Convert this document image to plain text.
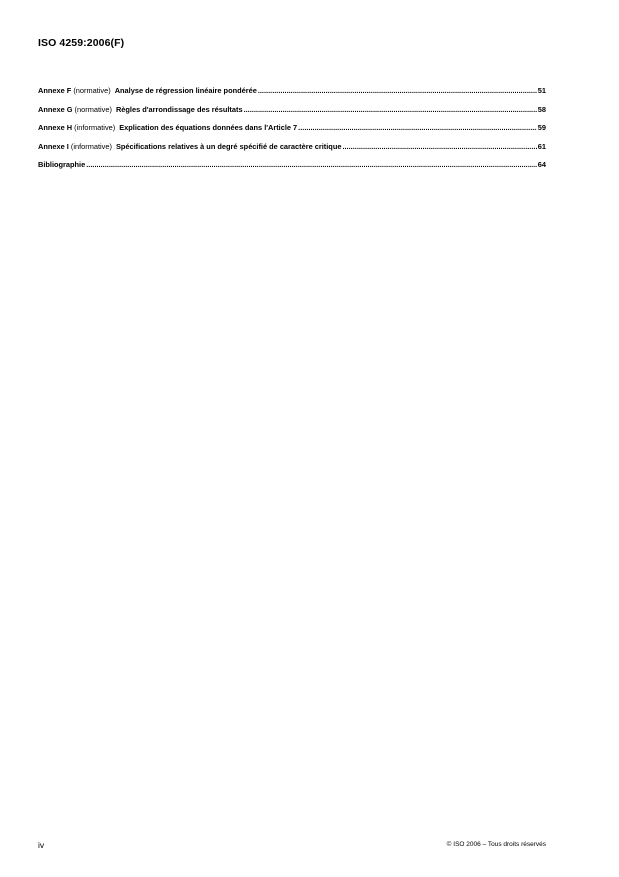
ISO 4259:2006(F)
Annexe F (normative) Analyse de régression linéaire pondérée .....	51
Annexe G (normative) Règles d'arrondissage des résultats .....	58
Annexe H (informative) Explication des équations données dans l'Article 7 .....	59
Annexe I (informative) Spécifications relatives à un degré spécifié de caractère critique .....	61
Bibliographie .....	64
iv	© ISO 2006 – Tous droits réservés
